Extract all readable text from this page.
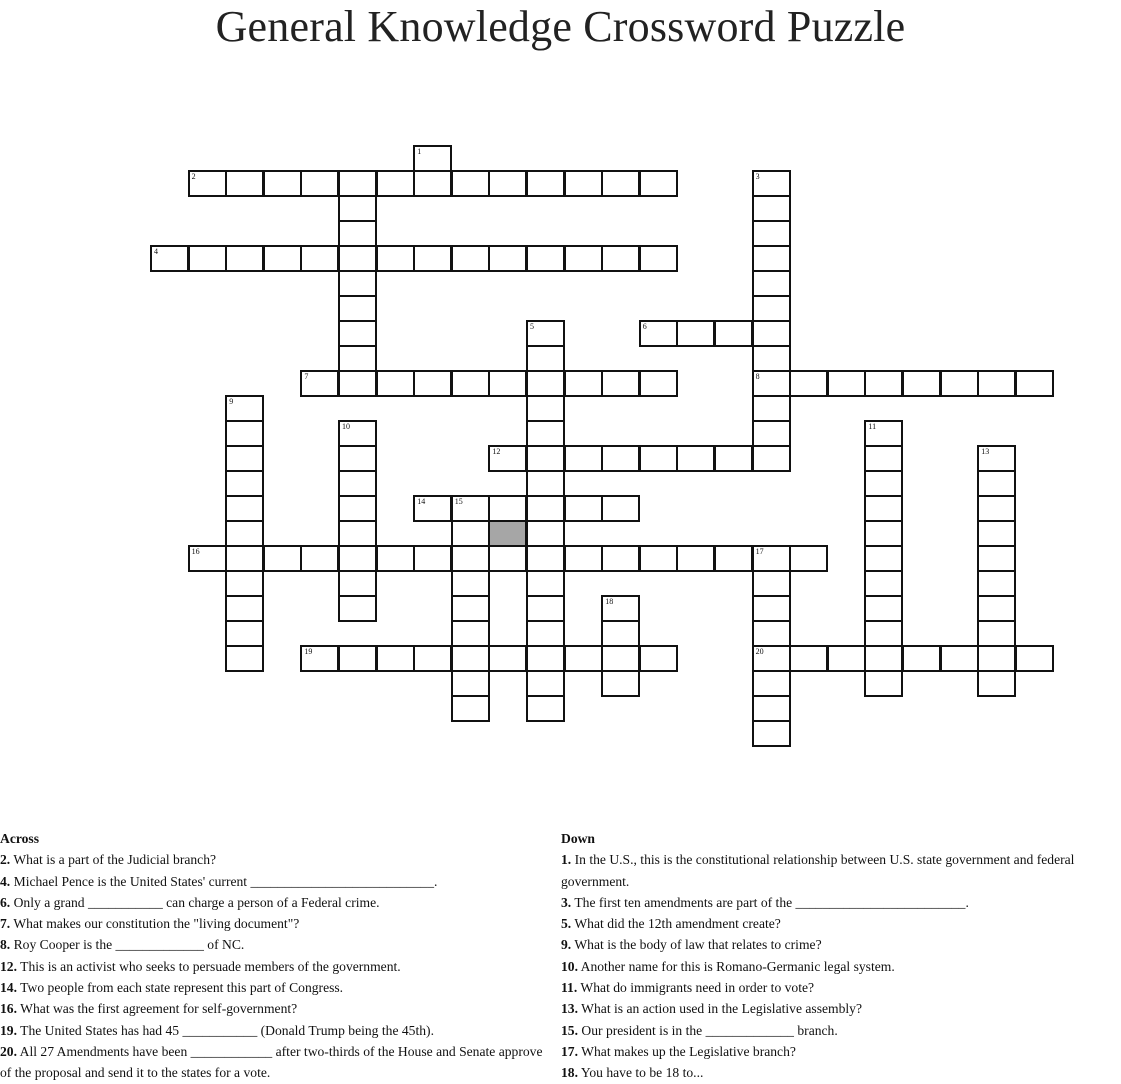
General Knowledge Crossword Puzzle
1
2	3
4
5	6
7	8
9
10	11
12	13
14	15
16	17
18
19	20
Across
2. What is a part of the Judicial branch?
4. Michael Pence is the United States' current ___________________________.
6. Only a grand ___________ can charge a person of a Federal crime.
7. What makes our constitution the "living document"?
8. Roy Cooper is the _____________ of NC.
12. This is an activist who seeks to persuade members of the government.
14. Two people from each state represent this part of Congress.
16. What was the first agreement for self-government?
19. The United States has had 45 ___________ (Donald Trump being the 45th).
20. All 27 Amendments have been ____________ after two-thirds of the House and Senate approve of the proposal and send it to the states for a vote.
Down
1. In the U.S., this is the constitutional relationship between U.S. state government and federal government.
3. The first ten amendments are part of the _________________________.
5. What did the 12th amendment create?
9. What is the body of law that relates to crime?
10. Another name for this is Romano-Germanic legal system.
11. What do immigrants need in order to vote?
13. What is an action used in the Legislative assembly?
15. Our president is in the _____________ branch.
17. What makes up the Legislative branch?
18. You have to be 18 to...
